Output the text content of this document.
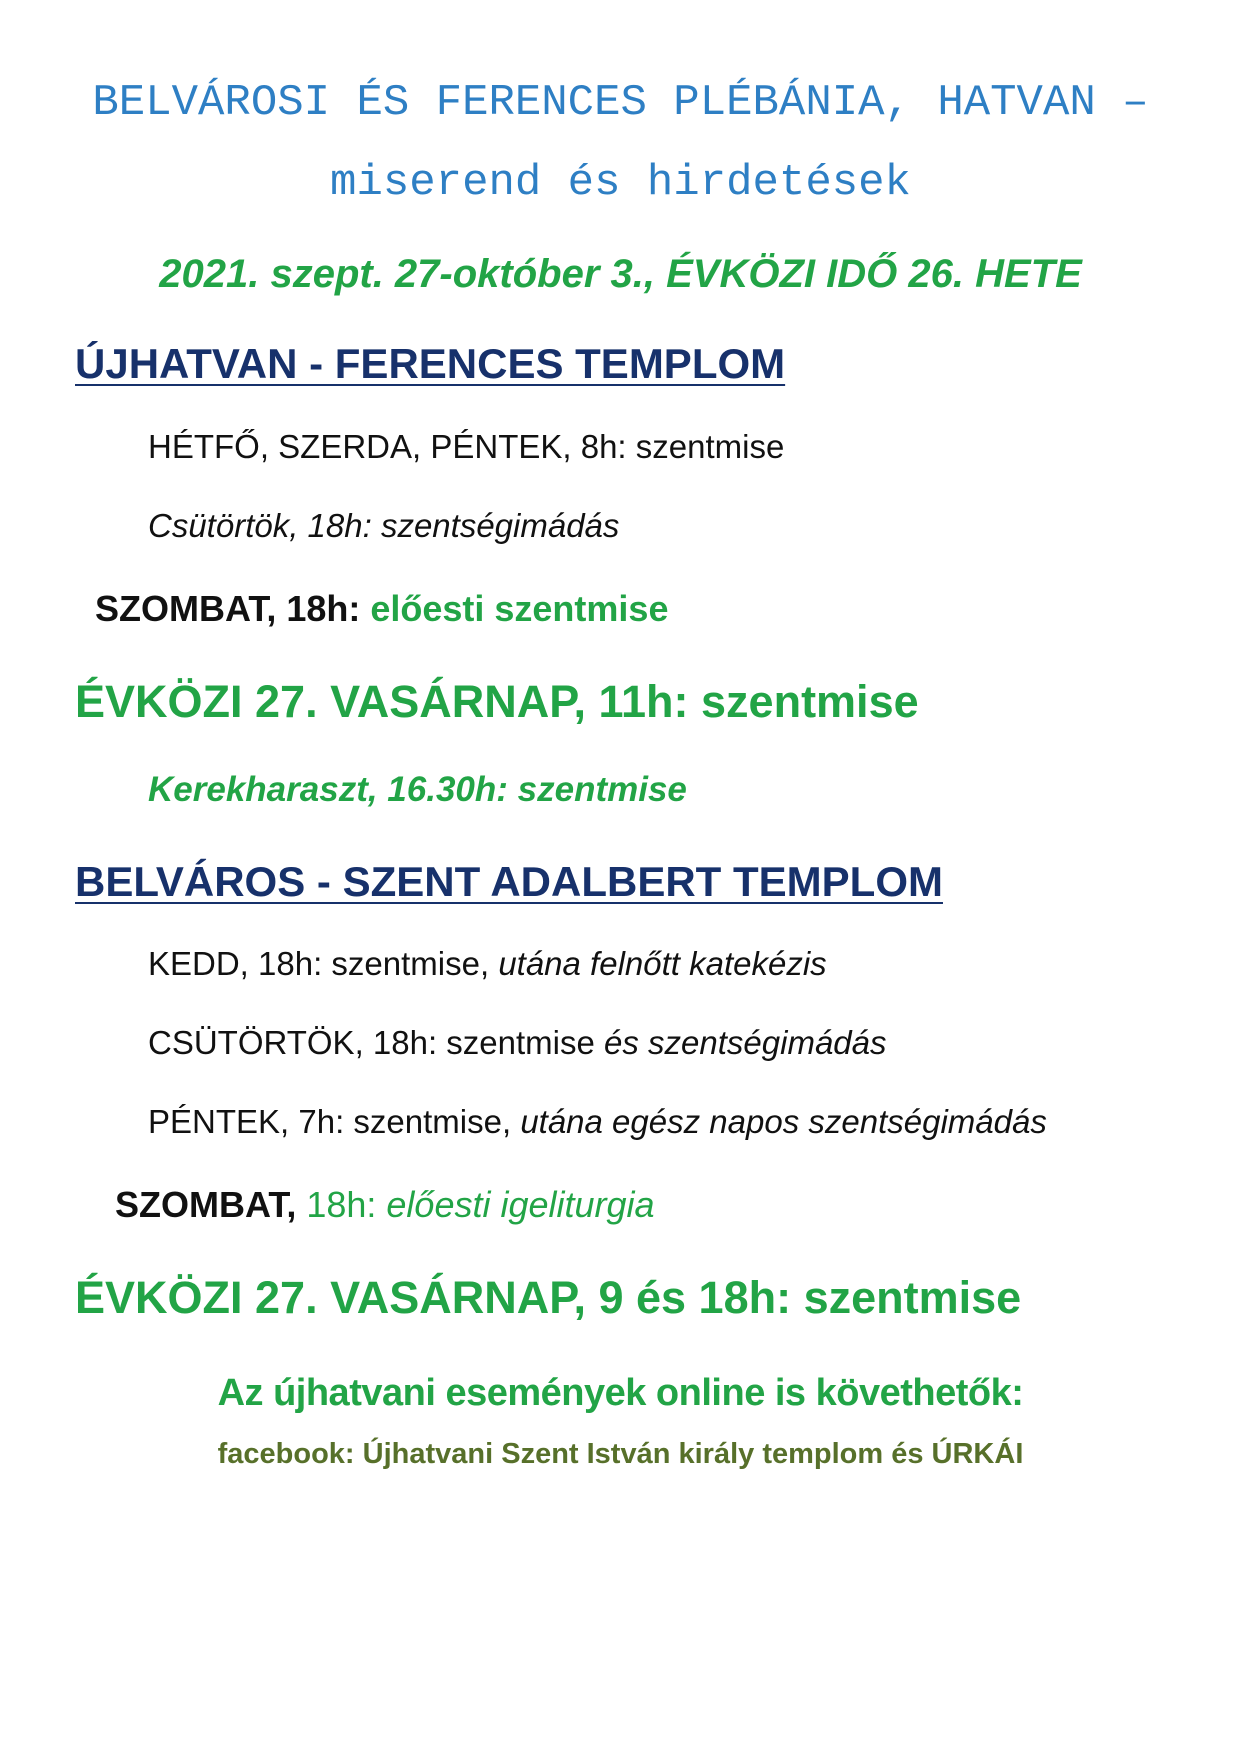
BELVÁROSI ÉS FERENCES PLÉBÁNIA, HATVAN –
miserend és hirdetések
2021. szept. 27-október 3., ÉVKÖZI IDŐ 26. HETE
ÚJHATVAN - FERENCES TEMPLOM
HÉTFŐ, SZERDA, PÉNTEK, 8h: szentmise
Csütörtök, 18h: szentségimádás
SZOMBAT, 18h: előesti szentmise
ÉVKÖZI 27. VASÁRNAP, 11h: szentmise
Kerekharaszt, 16.30h: szentmise
BELVÁROS - SZENT ADALBERT TEMPLOM
KEDD, 18h: szentmise, utána felnőtt katekézis
CSÜTÖRTÖK, 18h: szentmise és szentségimádás
PÉNTEK, 7h: szentmise, utána egész napos szentségimádás
SZOMBAT, 18h: előesti igeliturgia
ÉVKÖZI 27. VASÁRNAP, 9 és 18h: szentmise
Az újhatvani események online is követhetők:
facebook: Újhatvani Szent István király templom és ÚRKÁI
